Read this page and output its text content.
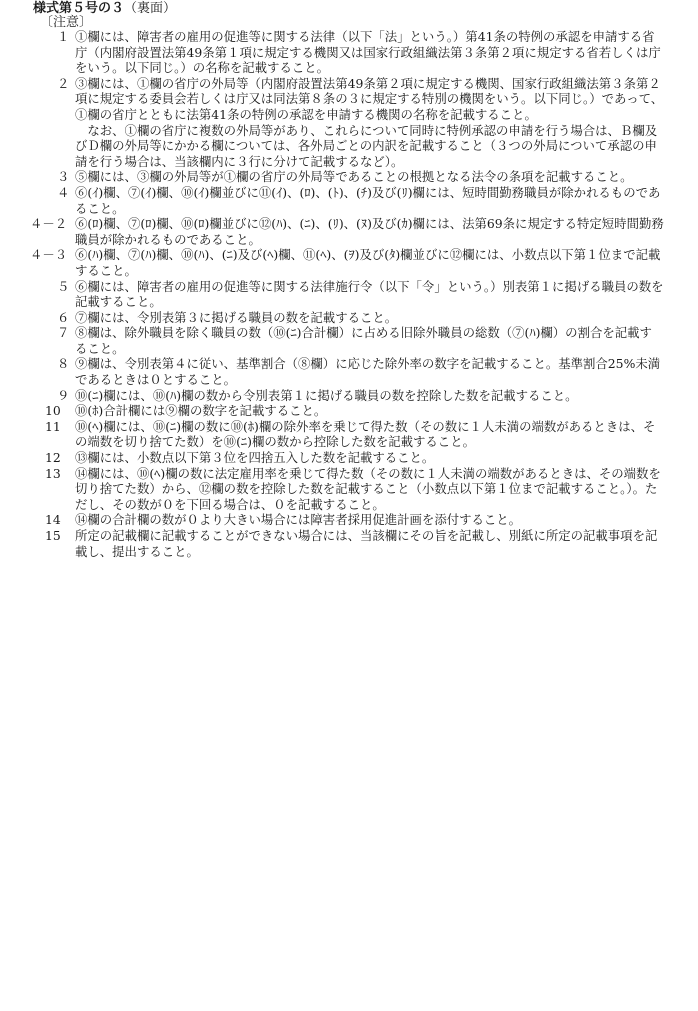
様式第５号の３（裏面）
〔注意〕
１ ①欄には、障害者の雇用の促進等に関する法律（以下「法」という。）第41条の特例の承認を申請する省庁（内閣府設置法第49条第１項に規定する機関又は国家行政組織法第３条第２項に規定する省若しくは庁をいう。以下同じ。）の名称を記載すること。
２ ③欄には、①欄の省庁の外局等（内閣府設置法第49条第２項に規定する機関、国家行政組織法第３条第２項に規定する委員会若しくは庁又は同法第８条の３に規定する特別の機関をいう。以下同じ。）であって、①欄の省庁とともに法第41条の特例の承認を申請する機関の名称を記載すること。
なお、①欄の省庁に複数の外局等があり、これらについて同時に特例承認の申請を行う場合は、Ｂ欄及びＤ欄の外局等にかかる欄については、各外局ごとの内訳を記載すること（３つの外局について承認の申請を行う場合は、当該欄内に３行に分けて記載するなど）。
３ ⑤欄には、③欄の外局等が①欄の省庁の外局等であることの根拠となる法令の条項を記載すること。
４ ⑥(ｲ)欄、⑦(ｲ)欄、⑩(ｲ)欄並びに⑪(ｲ)、(ﾛ)、(ﾄ)、(ﾁ)及び(ﾘ)欄には、短時間勤務職員が除かれるものであること。
４－２ ⑥(ﾛ)欄、⑦(ﾛ)欄、⑩(ﾛ)欄並びに⑫(ﾊ)、(ﾆ)、(ﾘ)、(ﾇ)及び(ｶ)欄には、法第69条に規定する特定短時間勤務職員が除かれるものであること。
４－３ ⑥(ﾊ)欄、⑦(ﾊ)欄、⑩(ﾊ)、(ﾆ)及び(ﾍ)欄、⑪(ﾍ)、(ｦ)及び(ﾀ)欄並びに⑫欄には、小数点以下第１位まで記載すること。
５ ⑥欄には、障害者の雇用の促進等に関する法律施行令（以下「令」という。）別表第１に掲げる職員の数を記載すること。
６ ⑦欄には、令別表第３に掲げる職員の数を記載すること。
７ ⑧欄は、除外職員を除く職員の数（⑩(ﾆ)合計欄）に占める旧除外職員の総数（⑦(ﾊ)欄）の割合を記載すること。
８ ⑨欄は、令別表第４に従い、基準割合（⑧欄）に応じた除外率の数字を記載すること。基準割合25%未満であるときは０とすること。
９ ⑩(ﾆ)欄には、⑩(ﾊ)欄の数から令別表第１に掲げる職員の数を控除した数を記載すること。
10 ⑩(ﾎ)合計欄には⑨欄の数字を記載すること。
11 ⑩(ﾍ)欄には、⑩(ﾆ)欄の数に⑩(ﾎ)欄の除外率を乗じて得た数（その数に１人未満の端数があるときは、その端数を切り捨てた数）を⑩(ﾆ)欄の数から控除した数を記載すること。
12 ⑬欄には、小数点以下第３位を四捨五入した数を記載すること。
13 ⑭欄には、⑩(ﾍ)欄の数に法定雇用率を乗じて得た数（その数に１人未満の端数があるときは、その端数を切り捨てた数）から、⑫欄の数を控除した数を記載すること（小数点以下第１位まで記載すること。）。ただし、その数が０を下回る場合は、０を記載すること。
14 ⑭欄の合計欄の数が０より大きい場合には障害者採用促進計画を添付すること。
15 所定の記載欄に記載することができない場合には、当該欄にその旨を記載し、別紙に所定の記載事項を記載し、提出すること。
